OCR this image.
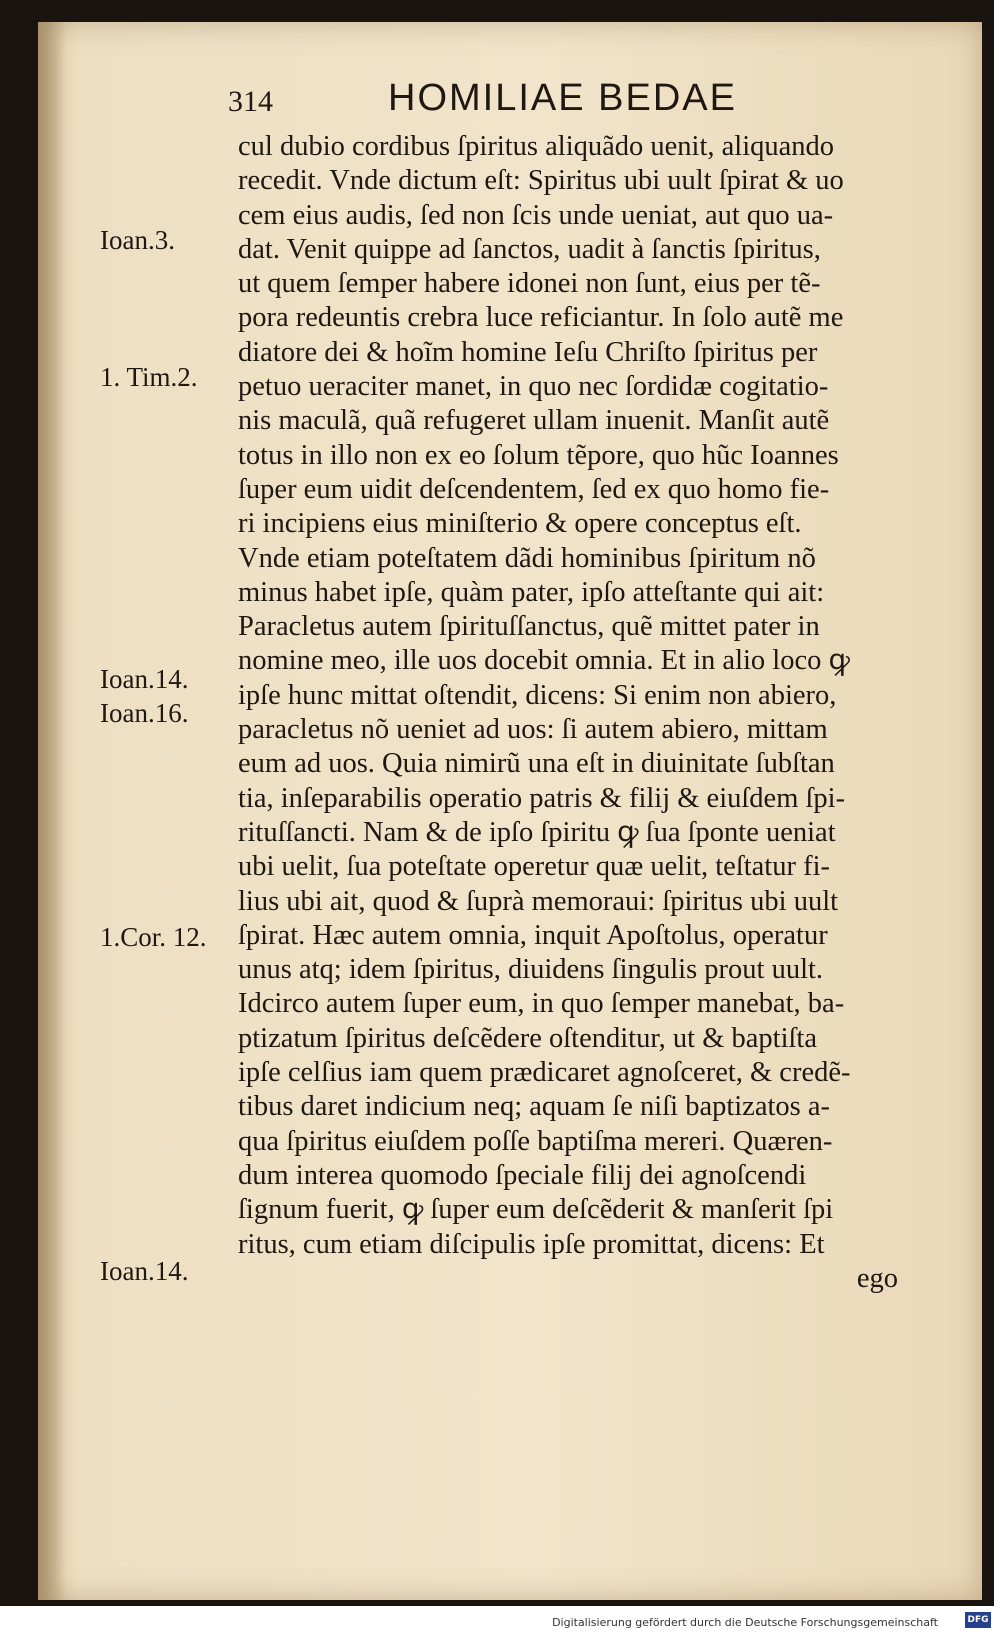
314	HOMILIAE BEDAE
Ioan.3.
1. Tim.2.
Ioan.14.
Ioan.16.
1.Cor. 12.
Ioan.14.
cul dubio cordibus ſpiritus aliquãdo uenit, aliquando
recedit. Vnde dictum eſt: Spiritus ubi uult ſpirat & uo
cem eius audis, ſed non ſcis unde ueniat, aut quo ua-
dat. Venit quippe ad ſanctos, uadit à ſanctis ſpiritus,
ut quem ſemper habere idonei non ſunt, eius per tẽ-
pora redeuntis crebra luce reficiantur. In ſolo autẽ me
diatore dei & hoĩm homine Ieſu Chriſto ſpiritus per
petuo ueraciter manet, in quo nec ſordidæ cogitatio-
nis maculã, quã refugeret ullam inuenit. Manſit autẽ
totus in illo non ex eo ſolum tẽpore, quo hũc Ioannes
ſuper eum uidit deſcendentem, ſed ex quo homo fie-
ri incipiens eius miniſterio & opere conceptus eſt.
Vnde etiam poteſtatem dãdi hominibus ſpiritum nõ
minus habet ipſe, quàm pater, ipſo atteſtante qui ait:
Paracletus autem ſpirituſſanctus, quẽ mittet pater in
nomine meo, ille uos docebit omnia. Et in alio loco ꝙ
ipſe hunc mittat oſtendit, dicens: Si enim non abiero,
paracletus nõ ueniet ad uos: ſi autem abiero, mittam
eum ad uos. Quia nimirũ una eſt in diuinitate ſubſtan
tia, inſeparabilis operatio patris & filij & eiuſdem ſpi-
rituſſancti. Nam & de ipſo ſpiritu ꝙ ſua ſponte ueniat
ubi uelit, ſua poteſtate operetur quæ uelit, teſtatur fi-
lius ubi ait, quod & ſuprà memoraui: ſpiritus ubi uult
ſpirat. Hæc autem omnia, inquit Apoſtolus, operatur
unus atq; idem ſpiritus, diuidens ſingulis prout uult.
Idcirco autem ſuper eum, in quo ſemper manebat, ba-
ptizatum ſpiritus deſcẽdere oſtenditur, ut & baptiſta
ipſe celſius iam quem prædicaret agnoſceret, & credẽ-
tibus daret indicium neq; aquam ſe niſi baptizatos a-
qua ſpiritus eiuſdem poſſe baptiſma mereri. Quæren-
dum interea quomodo ſpeciale filij dei agnoſcendi
ſignum fuerit, ꝙ ſuper eum deſcẽderit & manſerit ſpi
ritus, cum etiam diſcipulis ipſe promittat, dicens: Et
ego
Digitalisierung gefördert durch die Deutsche Forschungsgemeinschaft	DFG
